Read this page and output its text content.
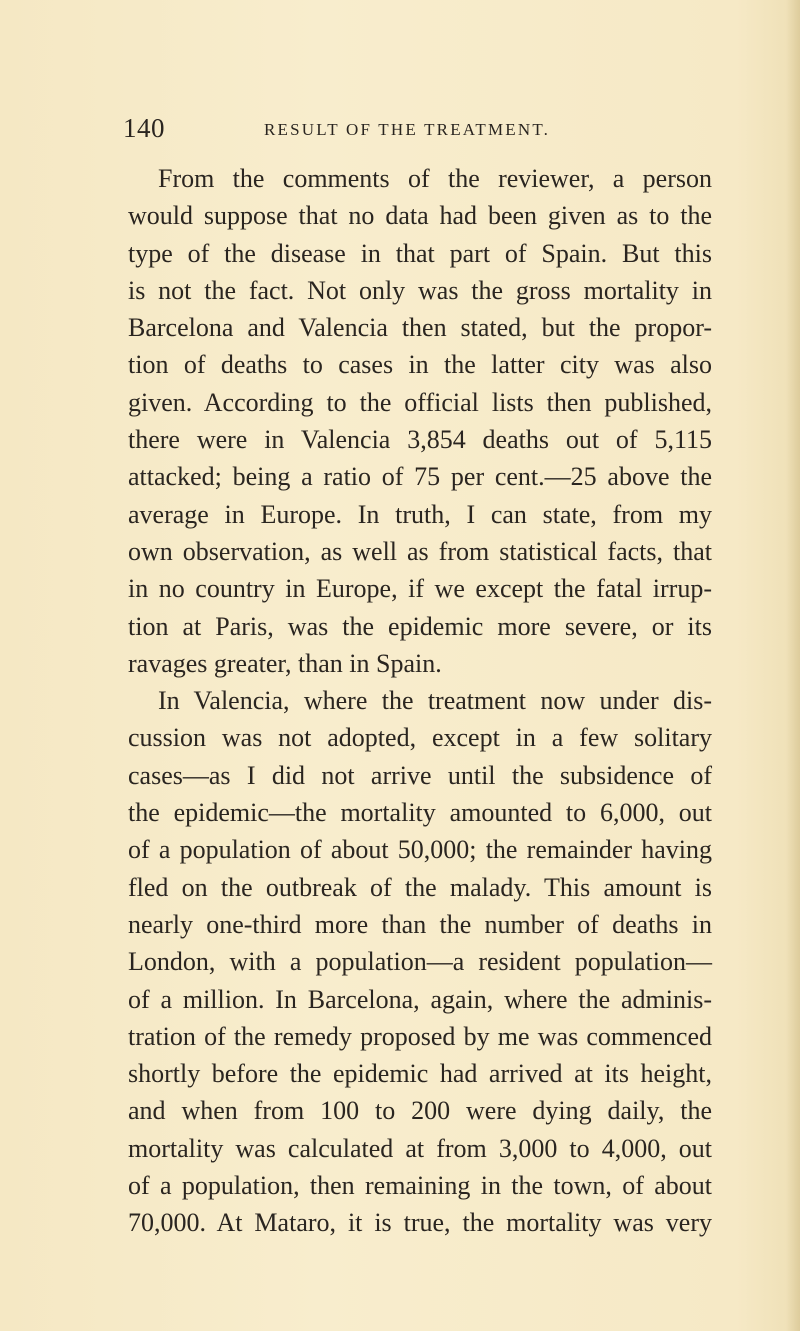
140	RESULT OF THE TREATMENT.
From the comments of the reviewer, a person
would suppose that no data had been given as to the
type of the disease in that part of Spain. But this
is not the fact. Not only was the gross mortality in
Barcelona and Valencia then stated, but the propor-
tion of deaths to cases in the latter city was also
given. According to the official lists then published,
there were in Valencia 3,854 deaths out of 5,115
attacked; being a ratio of 75 per cent.—25 above the
average in Europe. In truth, I can state, from my
own observation, as well as from statistical facts, that
in no country in Europe, if we except the fatal irrup-
tion at Paris, was the epidemic more severe, or its
ravages greater, than in Spain.
In Valencia, where the treatment now under dis-
cussion was not adopted, except in a few solitary
cases—as I did not arrive until the subsidence of
the epidemic—the mortality amounted to 6,000, out
of a population of about 50,000; the remainder having
fled on the outbreak of the malady. This amount is
nearly one-third more than the number of deaths in
London, with a population—a resident population—
of a million. In Barcelona, again, where the adminis-
tration of the remedy proposed by me was commenced
shortly before the epidemic had arrived at its height,
and when from 100 to 200 were dying daily, the
mortality was calculated at from 3,000 to 4,000, out
of a population, then remaining in the town, of about
70,000. At Mataro, it is true, the mortality was very
